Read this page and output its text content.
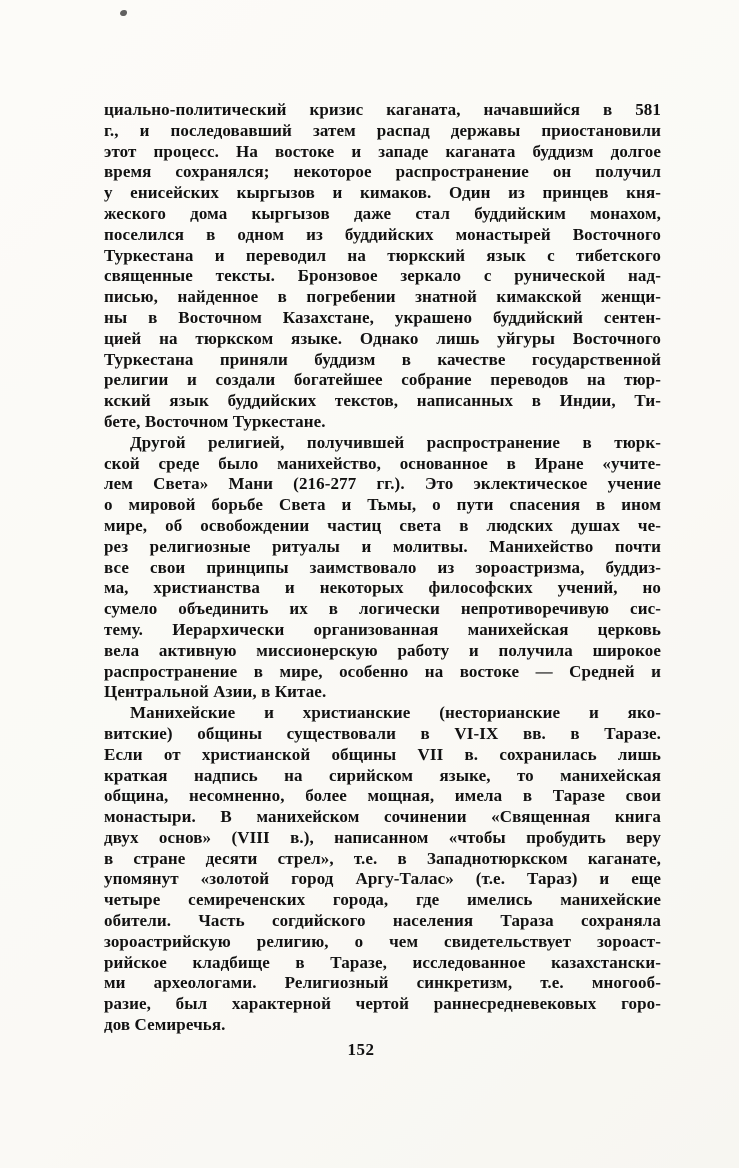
циально-политический кризис каганата, начавшийся в 581
г., и последовавший затем распад державы приостановили
этот процесс. На востоке и западе каганата буддизм долгое
время сохранялся; некоторое распространение он получил
у енисейских кыргызов и кимаков. Один из принцев кня-
жеского дома кыргызов даже стал буддийским монахом,
поселился в одном из буддийских монастырей Восточного
Туркестана и переводил на тюркский язык с тибетского
священные тексты. Бронзовое зеркало с рунической над-
писью, найденное в погребении знатной кимакской женщи-
ны в Восточном Казахстане, украшено буддийский сентен-
цией на тюркском языке. Однако лишь уйгуры Восточного
Туркестана приняли буддизм в качестве государственной
религии и создали богатейшее собрание переводов на тюр-
кский язык буддийских текстов, написанных в Индии, Ти-
бете, Восточном Туркестане.
Другой религией, получившей распространение в тюрк-
ской среде было манихейство, основанное в Иране «учите-
лем Света» Мани (216-277 гг.). Это эклектическое учение
о мировой борьбе Света и Тьмы, о пути спасения в ином
мире, об освобождении частиц света в людских душах че-
рез религиозные ритуалы и молитвы. Манихейство почти
все свои принципы заимствовало из зороастризма, буддиз-
ма, христианства и некоторых философских учений, но
сумело объединить их в логически непротиворечивую сис-
тему. Иерархически организованная манихейская церковь
вела активную миссионерскую работу и получила широкое
распространение в мире, особенно на востоке — Средней и
Центральной Азии, в Китае.
Манихейские и христианские (несторианские и яко-
витские) общины существовали в VI-IX вв. в Таразе.
Если от христианской общины VII в. сохранилась лишь
краткая надпись на сирийском языке, то манихейская
община, несомненно, более мощная, имела в Таразе свои
монастыри. В манихейском сочинении «Священная книга
двух основ» (VIII в.), написанном «чтобы пробудить веру
в стране десяти стрел», т.е. в Западнотюркском каганате,
упомянут «золотой город Аргу-Талас» (т.е. Тараз) и еще
четыре семиреченских города, где имелись манихейские
обители. Часть согдийского населения Тараза сохраняла
зороастрийскую религию, о чем свидетельствует зороаст-
рийское кладбище в Таразе, исследованное казахстански-
ми археологами. Религиозный синкретизм, т.е. многооб-
разие, был характерной чертой раннесредневековых горо-
дов Семиречья.
152
